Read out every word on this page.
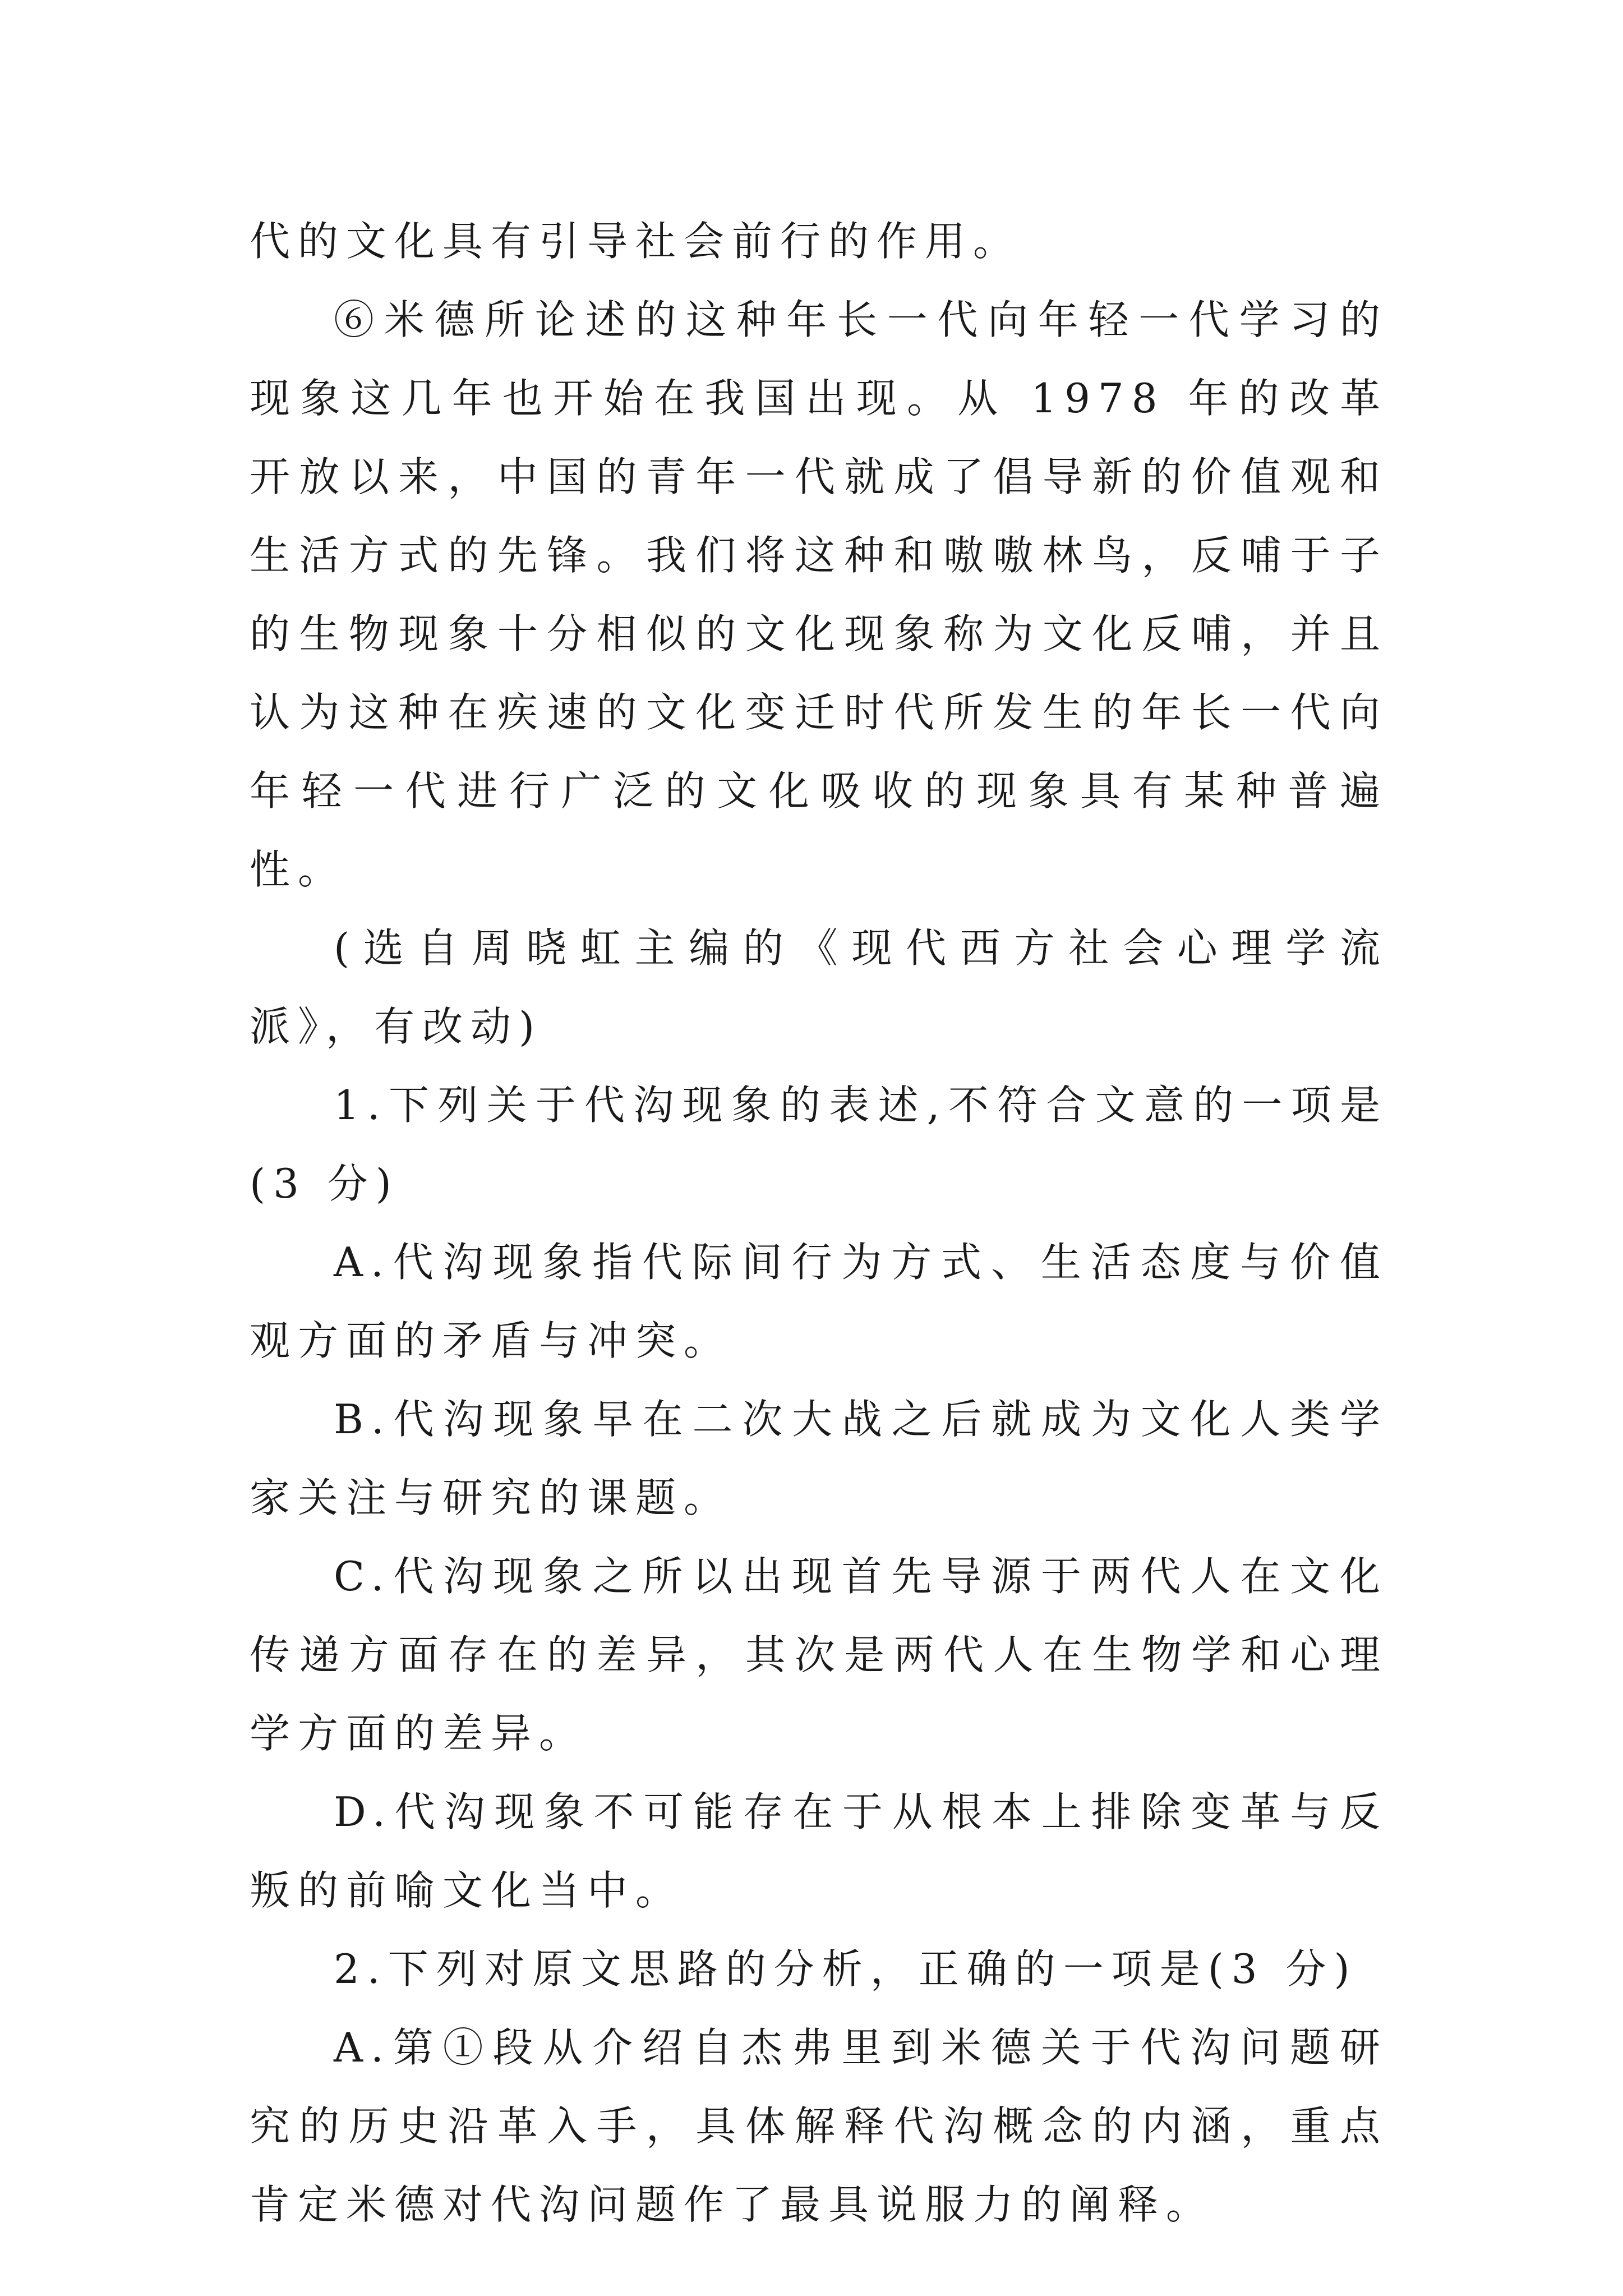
代的文化具有引导社会前行的作用。

⑥米德所论述的这种年长一代向年轻一代学习的现象这几年也开始在我国出现。从 1978 年的改革开放以来，中国的青年一代就成了倡导新的价值观和生活方式的先锋。我们将这种和嗷嗷林鸟，反哺于子的生物现象十分相似的文化现象称为文化反哺，并且认为这种在疾速的文化变迁时代所发生的年长一代向年轻一代进行广泛的文化吸收的现象具有某种普遍性。

(选自周晓虹主编的《现代西方社会心理学流派》，有改动)

1.下列关于代沟现象的表述,不符合文意的一项是(3 分)

A.代沟现象指代际间行为方式、生活态度与价值观方面的矛盾与冲突。

B.代沟现象早在二次大战之后就成为文化人类学家关注与研究的课题。

C.代沟现象之所以出现首先导源于两代人在文化传递方面存在的差异，其次是两代人在生物学和心理学方面的差异。

D.代沟现象不可能存在于从根本上排除变革与反叛的前喻文化当中。

2.下列对原文思路的分析，正确的一项是(3 分)

A.第①段从介绍自杰弗里到米德关于代沟问题研究的历史沿革入手，具体解释代沟概念的内涵，重点肯定米德对代沟问题作了最具说服力的阐释。
